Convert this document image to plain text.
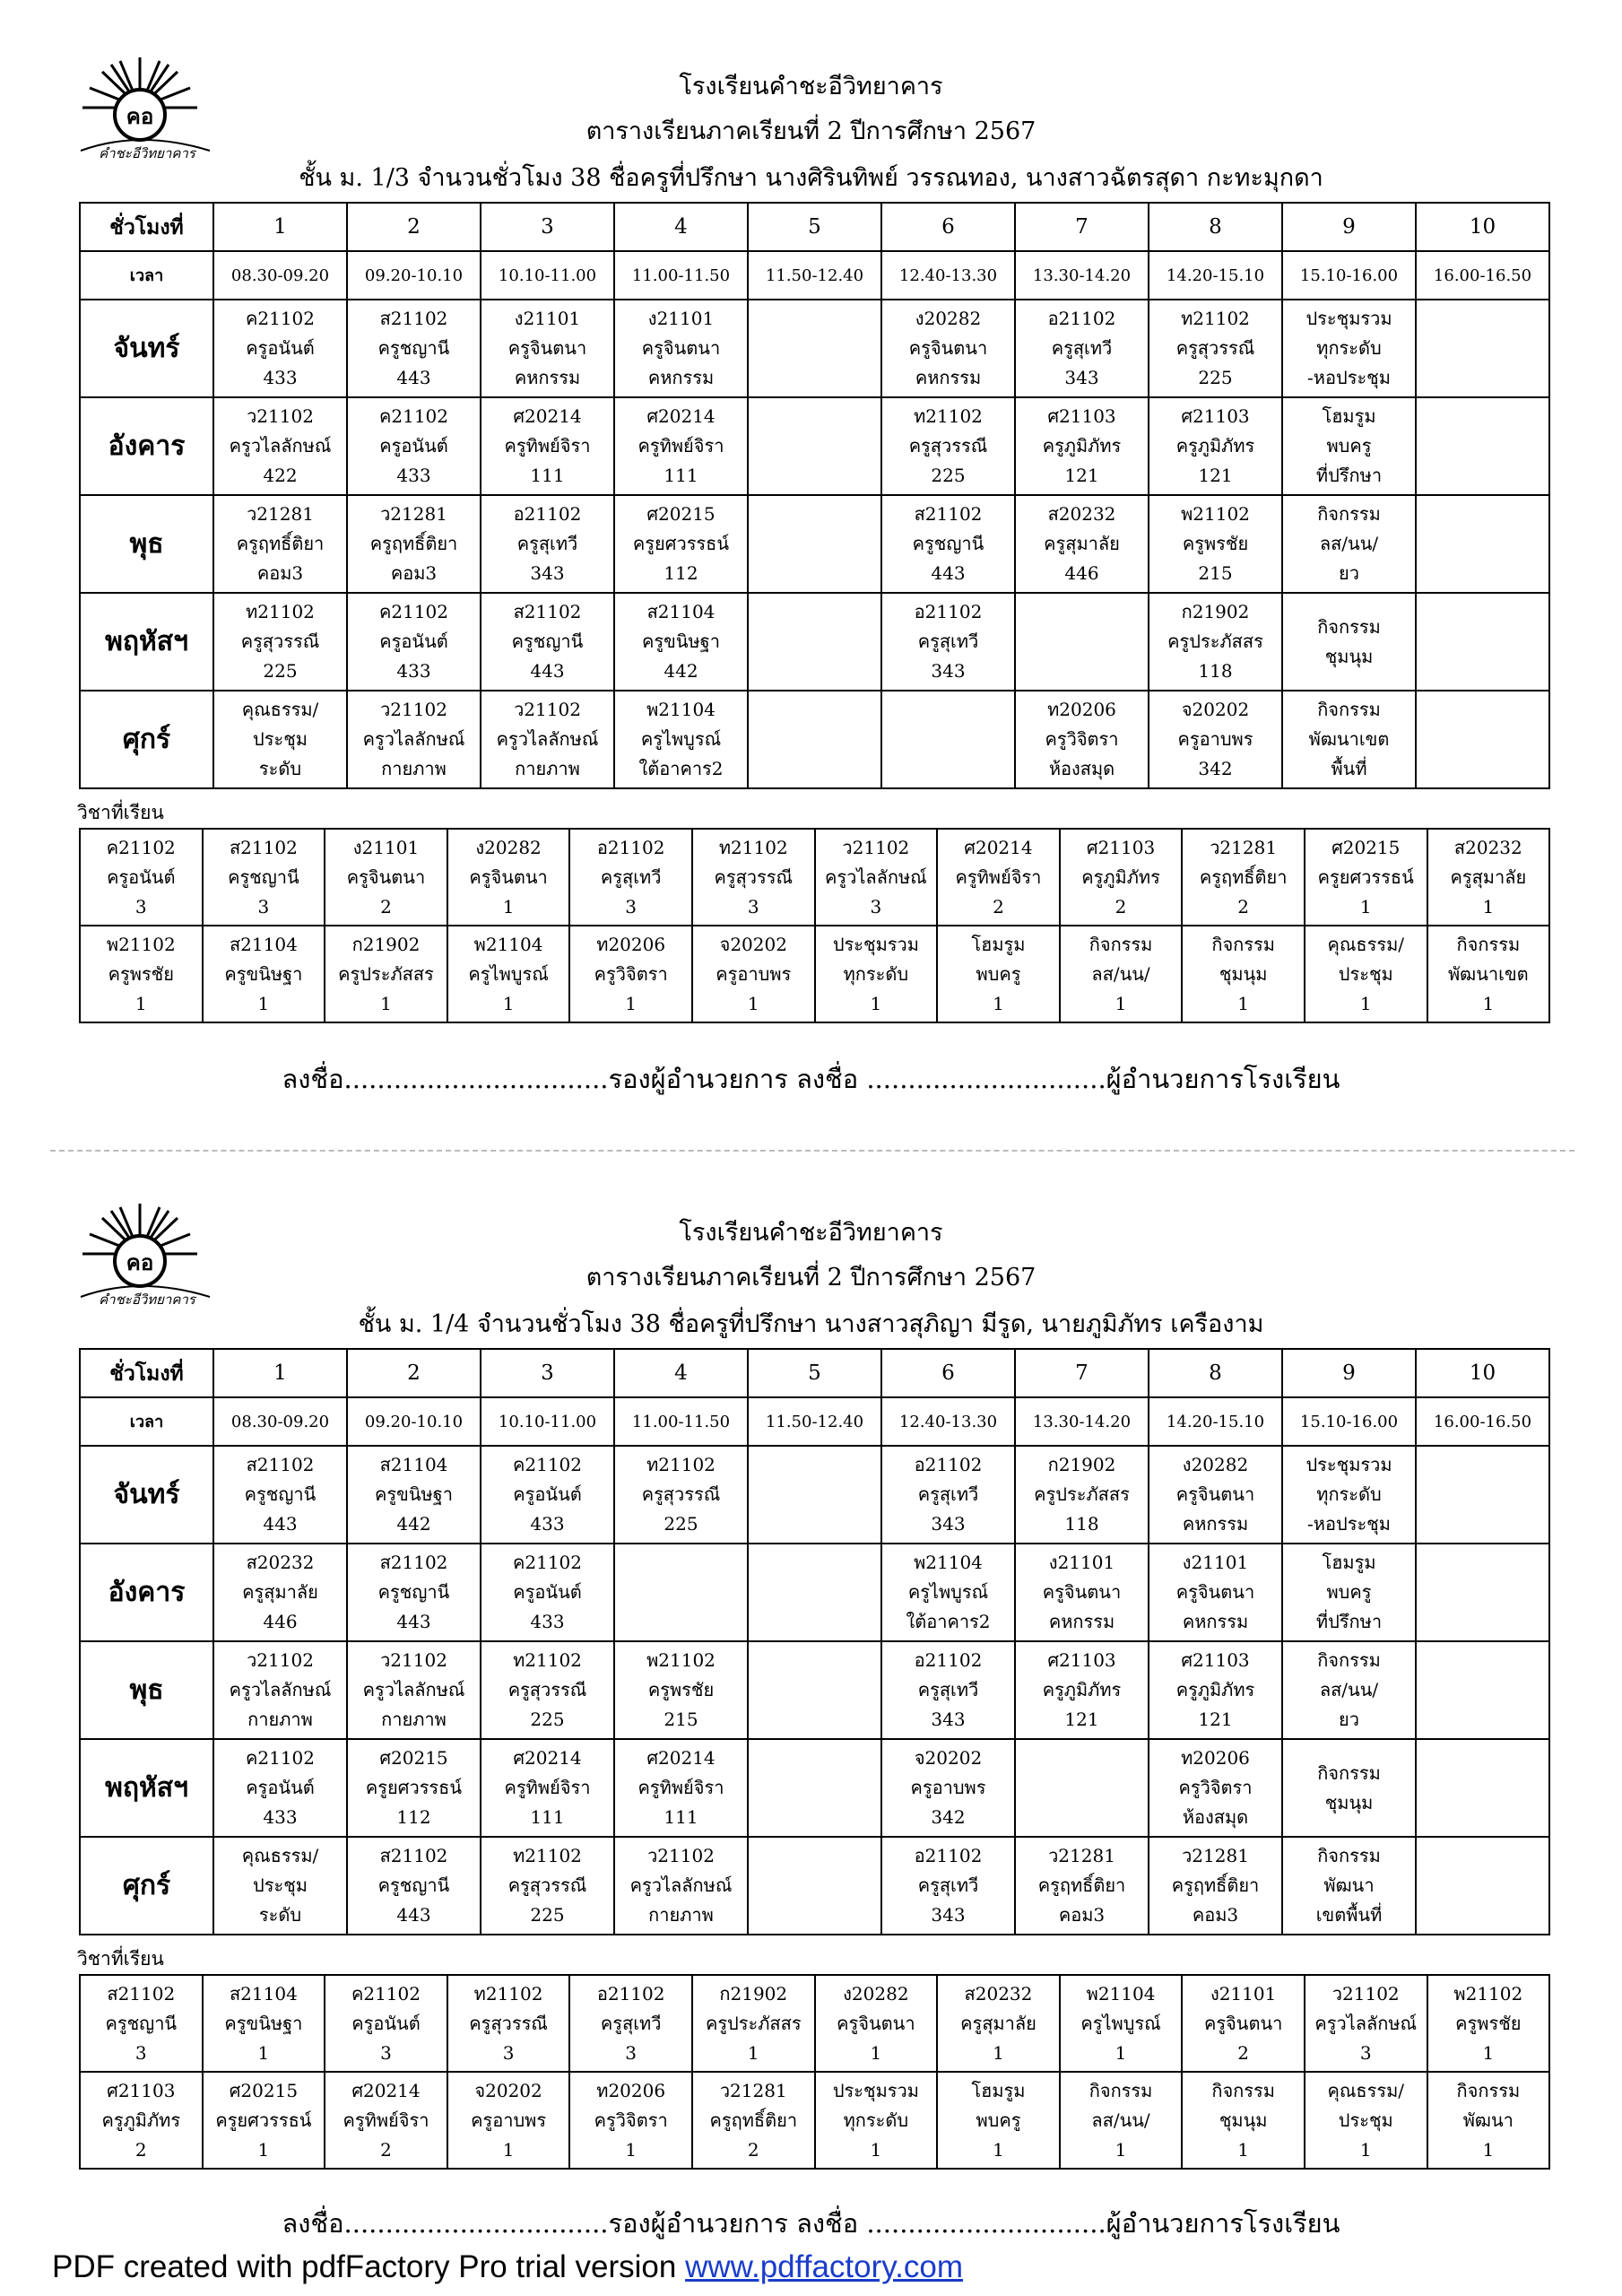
คอ
คำชะอีวิทยาคาร
โรงเรียนคำชะอีวิทยาคาร
ตารางเรียนภาคเรียนที่ 2 ปีการศึกษา 2567
ชั้น ม. 1/3 จำนวนชั่วโมง 38 ชื่อครูที่ปรึกษา นางศิรินทิพย์ วรรณทอง, นางสาวฉัตรสุดา กะทะมุกดา
ชั่วโมงที่	1	2	3	4	5	6	7	8	9	10
เวลา	08.30-09.20	09.20-10.10	10.10-11.00	11.00-11.50	11.50-12.40	12.40-13.30	13.30-14.20	14.20-15.10	15.10-16.00	16.00-16.50
จันทร์	ค21102
ครูอนันต์
433	ส21102
ครูชญานี
443	ง21101
ครูจินตนา
คหกรรม	ง21101
ครูจินตนา
คหกรรม		ง20282
ครูจินตนา
คหกรรม	อ21102
ครูสุเทวี
343	ท21102
ครูสุวรรณี
225	ประชุมรวม
ทุกระดับ
-หอประชุม	

อังคาร	ว21102
ครูวไลลักษณ์
422	ค21102
ครูอนันต์
433	ศ20214
ครูทิพย์จิรา
111	ศ20214
ครูทิพย์จิรา
111		ท21102
ครูสุวรรณี
225	ศ21103
ครูภูมิภัทร
121	ศ21103
ครูภูมิภัทร
121	โฮมรูม
พบครู
ที่ปรึกษา	

พุธ	ว21281
ครูฤทธิ์ติยา
คอม3	ว21281
ครูฤทธิ์ติยา
คอม3	อ21102
ครูสุเทวี
343	ศ20215
ครูยศวรรธน์
112		ส21102
ครูชญานี
443	ส20232
ครูสุมาลัย
446	พ21102
ครูพรชัย
215	กิจกรรม
ลส/นน/
ยว	

พฤหัสฯ	ท21102
ครูสุวรรณี
225	ค21102
ครูอนันต์
433	ส21102
ครูชญานี
443	ส21104
ครูขนิษฐา
442		อ21102
ครูสุเทวี
343		ก21902
ครูประภัสสร
118	กิจกรรม
ชุมนุม	

ศุกร์	คุณธรรม/
ประชุม
ระดับ	ว21102
ครูวไลลักษณ์
กายภาพ	ว21102
ครูวไลลักษณ์
กายภาพ	พ21104
ครูไพบูรณ์
ใต้อาคาร2			ท20206
ครูวิจิตรา
ห้องสมุด	จ20202
ครูอาบพร
342	กิจกรรม
พัฒนาเขต
พื้นที่	

วิชาที่เรียน
ค21102
ครูอนันต์
3	ส21102
ครูชญานี
3	ง21101
ครูจินตนา
2	ง20282
ครูจินตนา
1	อ21102
ครูสุเทวี
3	ท21102
ครูสุวรรณี
3	ว21102
ครูวไลลักษณ์
3	ศ20214
ครูทิพย์จิรา
2	ศ21103
ครูภูมิภัทร
2	ว21281
ครูฤทธิ์ติยา
2	ศ20215
ครูยศวรรธน์
1	ส20232
ครูสุมาลัย
1

พ21102
ครูพรชัย
1	ส21104
ครูขนิษฐา
1	ก21902
ครูประภัสสร
1	พ21104
ครูไพบูรณ์
1	ท20206
ครูวิจิตรา
1	จ20202
ครูอาบพร
1	ประชุมรวม
ทุกระดับ
1	โฮมรูม
พบครู
1	กิจกรรม
ลส/นน/
1	กิจกรรม
ชุมนุม
1	คุณธรรม/
ประชุม
1	กิจกรรม
พัฒนาเขต
1
ลงชื่อ................................รองผู้อำนวยการ ลงชื่อ .............................ผู้อำนวยการโรงเรียน
คอ
คำชะอีวิทยาคาร
โรงเรียนคำชะอีวิทยาคาร
ตารางเรียนภาคเรียนที่ 2 ปีการศึกษา 2567
ชั้น ม. 1/4 จำนวนชั่วโมง 38 ชื่อครูที่ปรึกษา นางสาวสุภิญา มีรูด, นายภูมิภัทร เครืองาม
ชั่วโมงที่	1	2	3	4	5	6	7	8	9	10
เวลา	08.30-09.20	09.20-10.10	10.10-11.00	11.00-11.50	11.50-12.40	12.40-13.30	13.30-14.20	14.20-15.10	15.10-16.00	16.00-16.50
จันทร์	ส21102
ครูชญานี
443	ส21104
ครูขนิษฐา
442	ค21102
ครูอนันต์
433	ท21102
ครูสุวรรณี
225		อ21102
ครูสุเทวี
343	ก21902
ครูประภัสสร
118	ง20282
ครูจินตนา
คหกรรม	ประชุมรวม
ทุกระดับ
-หอประชุม	

อังคาร	ส20232
ครูสุมาลัย
446	ส21102
ครูชญานี
443	ค21102
ครูอนันต์
433			พ21104
ครูไพบูรณ์
ใต้อาคาร2	ง21101
ครูจินตนา
คหกรรม	ง21101
ครูจินตนา
คหกรรม	โฮมรูม
พบครู
ที่ปรึกษา	

พุธ	ว21102
ครูวไลลักษณ์
กายภาพ	ว21102
ครูวไลลักษณ์
กายภาพ	ท21102
ครูสุวรรณี
225	พ21102
ครูพรชัย
215		อ21102
ครูสุเทวี
343	ศ21103
ครูภูมิภัทร
121	ศ21103
ครูภูมิภัทร
121	กิจกรรม
ลส/นน/
ยว	

พฤหัสฯ	ค21102
ครูอนันต์
433	ศ20215
ครูยศวรรธน์
112	ศ20214
ครูทิพย์จิรา
111	ศ20214
ครูทิพย์จิรา
111		จ20202
ครูอาบพร
342		ท20206
ครูวิจิตรา
ห้องสมุด	กิจกรรม
ชุมนุม	

ศุกร์	คุณธรรม/
ประชุม
ระดับ	ส21102
ครูชญานี
443	ท21102
ครูสุวรรณี
225	ว21102
ครูวไลลักษณ์
กายภาพ		อ21102
ครูสุเทวี
343	ว21281
ครูฤทธิ์ติยา
คอม3	ว21281
ครูฤทธิ์ติยา
คอม3	กิจกรรม
พัฒนา
เขตพื้นที่	

วิชาที่เรียน
ส21102
ครูชญานี
3	ส21104
ครูขนิษฐา
1	ค21102
ครูอนันต์
3	ท21102
ครูสุวรรณี
3	อ21102
ครูสุเทวี
3	ก21902
ครูประภัสสร
1	ง20282
ครูจินตนา
1	ส20232
ครูสุมาลัย
1	พ21104
ครูไพบูรณ์
1	ง21101
ครูจินตนา
2	ว21102
ครูวไลลักษณ์
3	พ21102
ครูพรชัย
1

ศ21103
ครูภูมิภัทร
2	ศ20215
ครูยศวรรธน์
1	ศ20214
ครูทิพย์จิรา
2	จ20202
ครูอาบพร
1	ท20206
ครูวิจิตรา
1	ว21281
ครูฤทธิ์ติยา
2	ประชุมรวม
ทุกระดับ
1	โฮมรูม
พบครู
1	กิจกรรม
ลส/นน/
1	กิจกรรม
ชุมนุม
1	คุณธรรม/
ประชุม
1	กิจกรรม
พัฒนา
1
ลงชื่อ................................รองผู้อำนวยการ ลงชื่อ .............................ผู้อำนวยการโรงเรียน
PDF created with pdfFactory Pro trial version www.pdffactory.com
